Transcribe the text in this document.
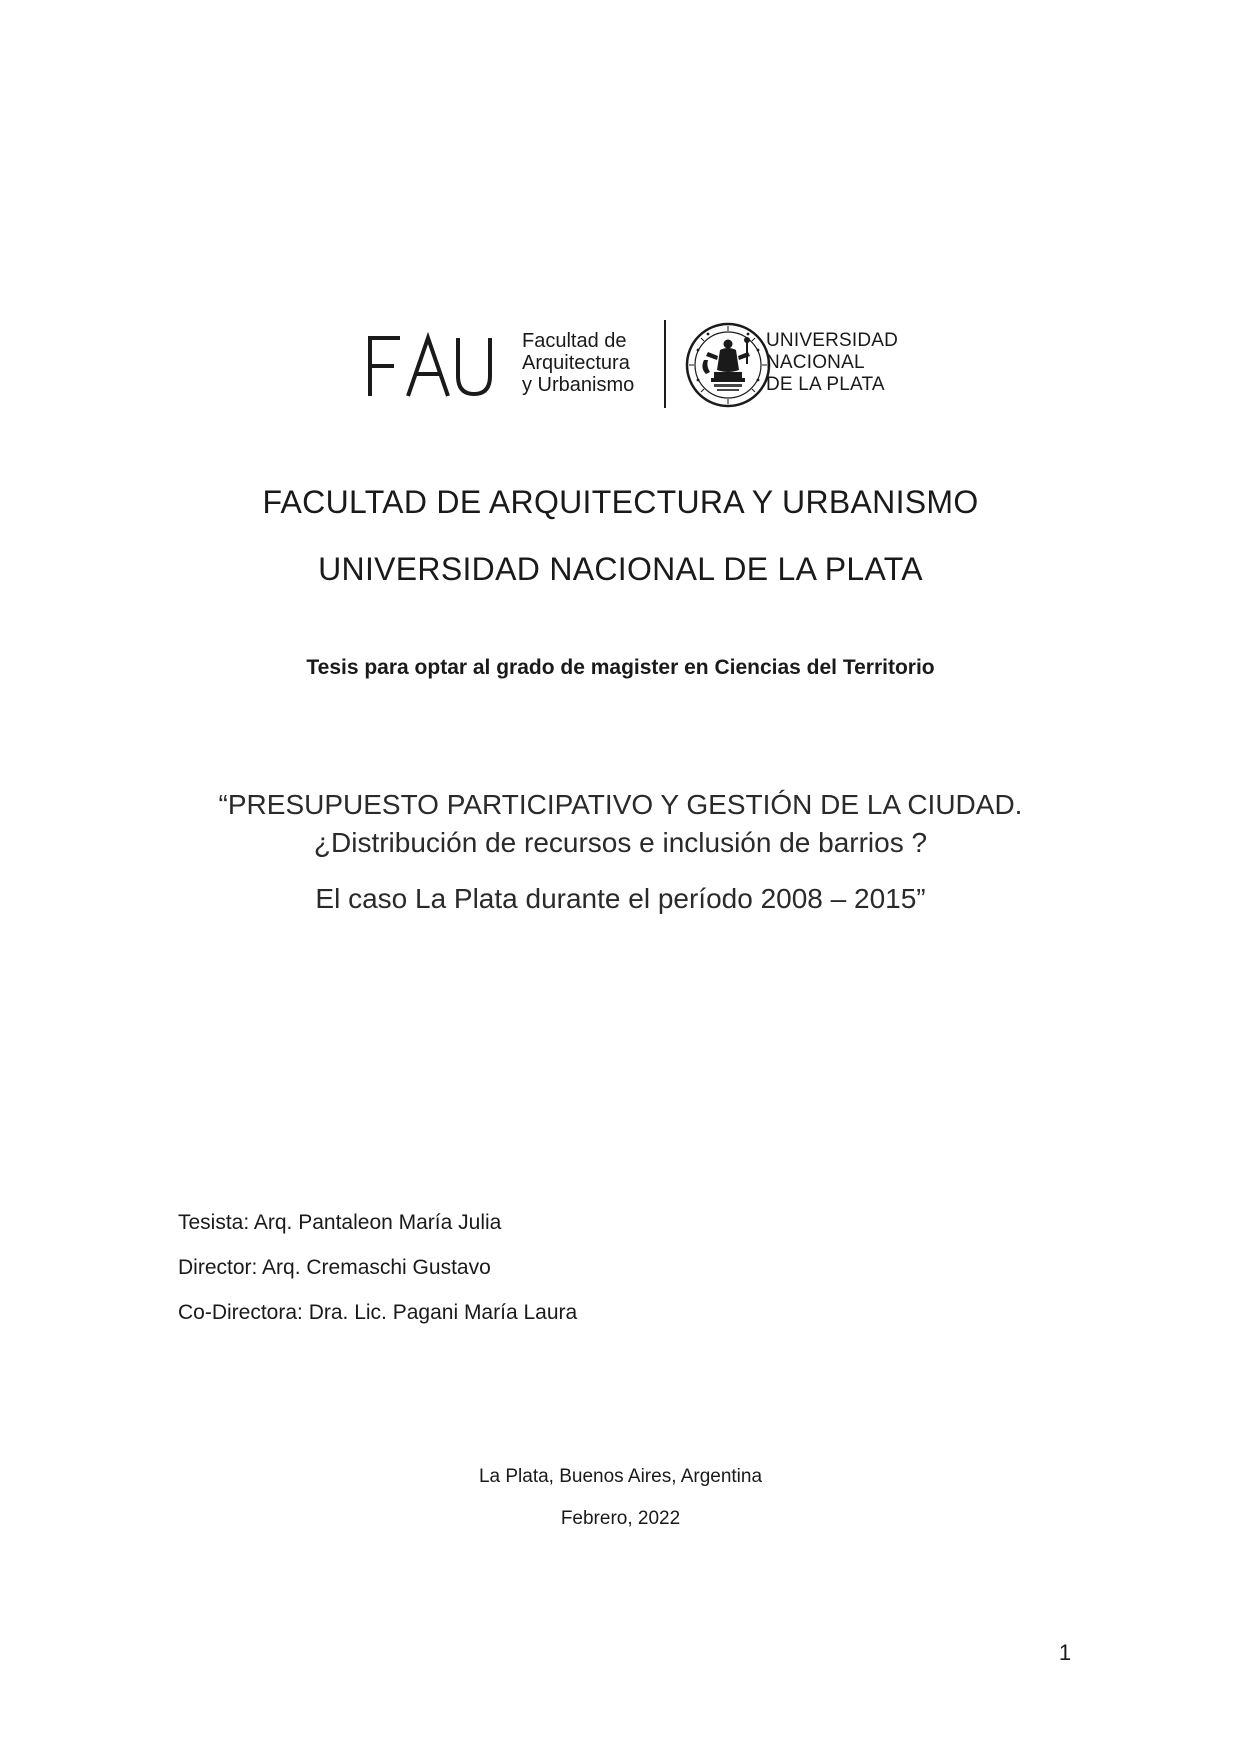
FAU	Facultad de
Arquitectura
y Urbanismo
UNIVERSIDAD
NACIONAL
DE LA PLATA
FACULTAD DE ARQUITECTURA Y URBANISMO
UNIVERSIDAD NACIONAL DE LA PLATA
Tesis para optar al grado de magister en Ciencias del Territorio
“PRESUPUESTO PARTICIPATIVO Y GESTIÓN DE LA CIUDAD.
¿Distribución de recursos e inclusión de barrios ?
El caso La Plata durante el período 2008 – 2015”
Tesista: Arq. Pantaleon María Julia
Director: Arq. Cremaschi Gustavo
Co-Directora: Dra. Lic. Pagani María Laura
La Plata, Buenos Aires, Argentina
Febrero, 2022
1
